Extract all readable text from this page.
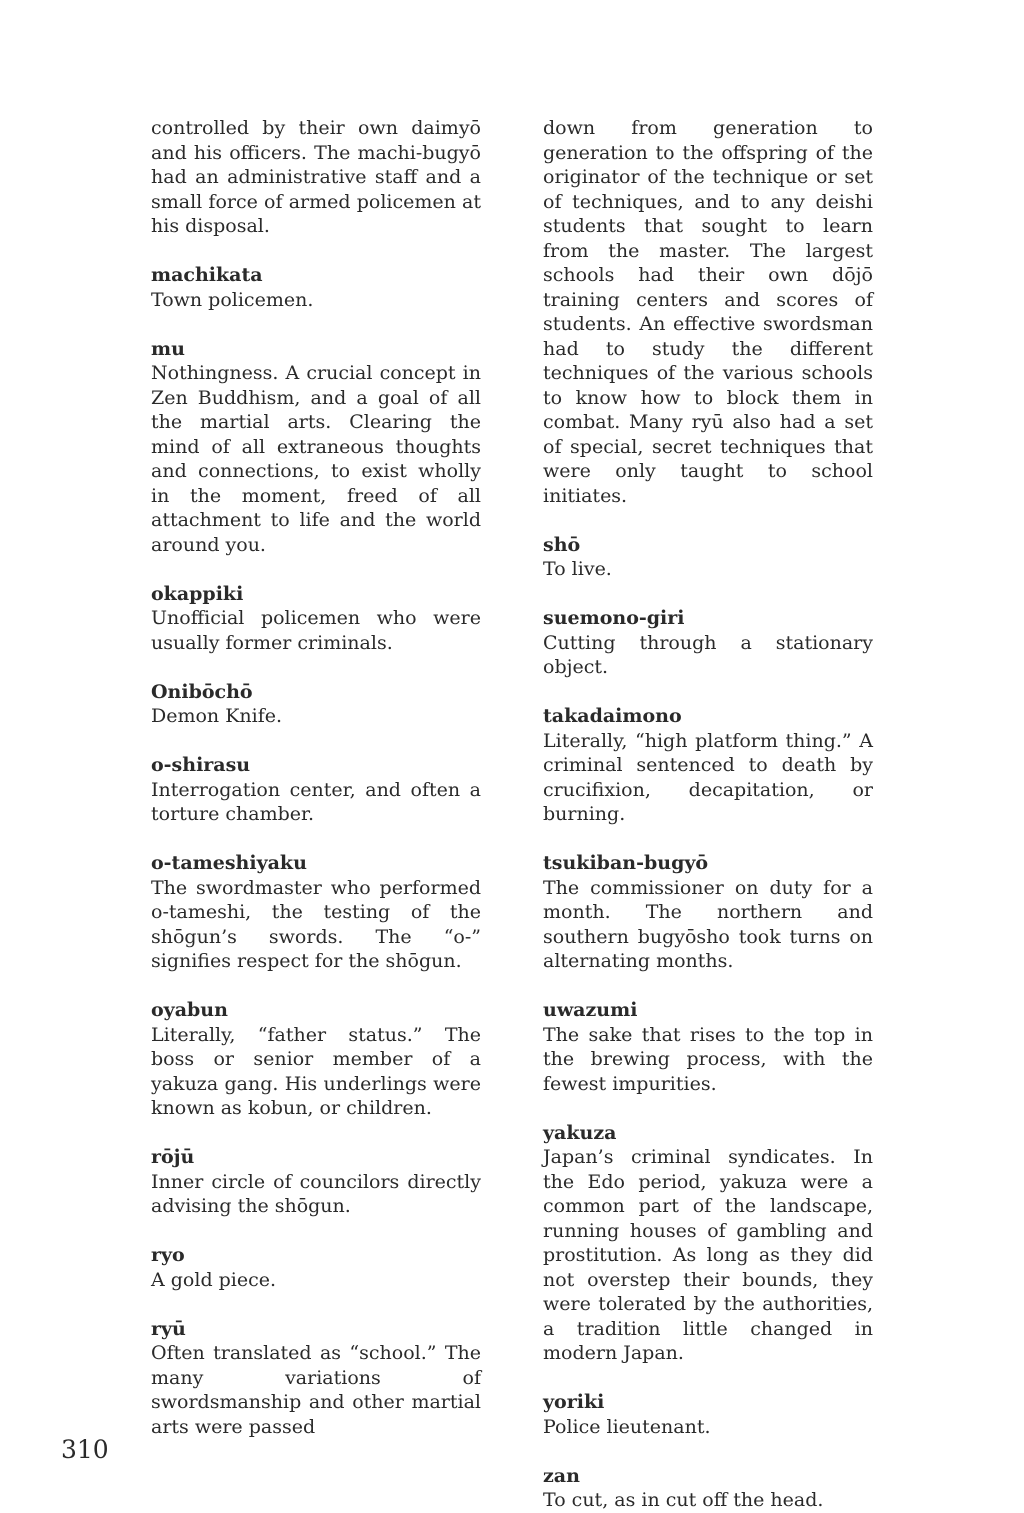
controlled by their own daimyō and his officers. The machi-bugyō had an administrative staff and a small force of armed policemen at his disposal.

machikata

Town policemen.

mu

Nothingness. A crucial concept in Zen Buddhism, and a goal of all the martial arts. Clearing the mind of all extraneous thoughts and connections, to exist wholly in the moment, freed of all attachment to life and the world around you.

okappiki

Unofficial policemen who were usually former criminals.

Onibōchō

Demon Knife.

o-shirasu

Interrogation center, and often a torture chamber.

o-tameshiyaku

The swordmaster who performed o-tameshi, the testing of the shōgun’s swords. The “o-” signifies respect for the shōgun.

oyabun

Literally, “father status.” The boss or senior member of a yakuza gang. His underlings were known as kobun, or children.

rōjū

Inner circle of councilors directly advising the shōgun.

ryo

A gold piece.

ryū

Often translated as “school.” The many variations of swordsmanship and other martial arts were passed

down from generation to generation to the offspring of the originator of the technique or set of techniques, and to any deishi students that sought to learn from the master. The largest schools had their own dōjō training centers and scores of students. An effective swordsman had to study the different techniques of the various schools to know how to block them in combat. Many ryū also had a set of special, secret techniques that were only taught to school initiates.

shō

To live.

suemono-giri

Cutting through a stationary object.

takadaimono

Literally, “high platform thing.” A criminal sentenced to death by crucifixion, decapitation, or burning.

tsukiban-bugyō

The commissioner on duty for a month. The northern and southern bugyōsho took turns on alternating months.

uwazumi

The sake that rises to the top in the brewing process, with the fewest impurities.

yakuza

Japan’s criminal syndicates. In the Edo period, yakuza were a common part of the landscape, running houses of gambling and prostitution. As long as they did not overstep their bounds, they were tolerated by the authorities, a tradition little changed in modern Japan.

yoriki

Police lieutenant.

zan

To cut, as in cut off the head.

310
